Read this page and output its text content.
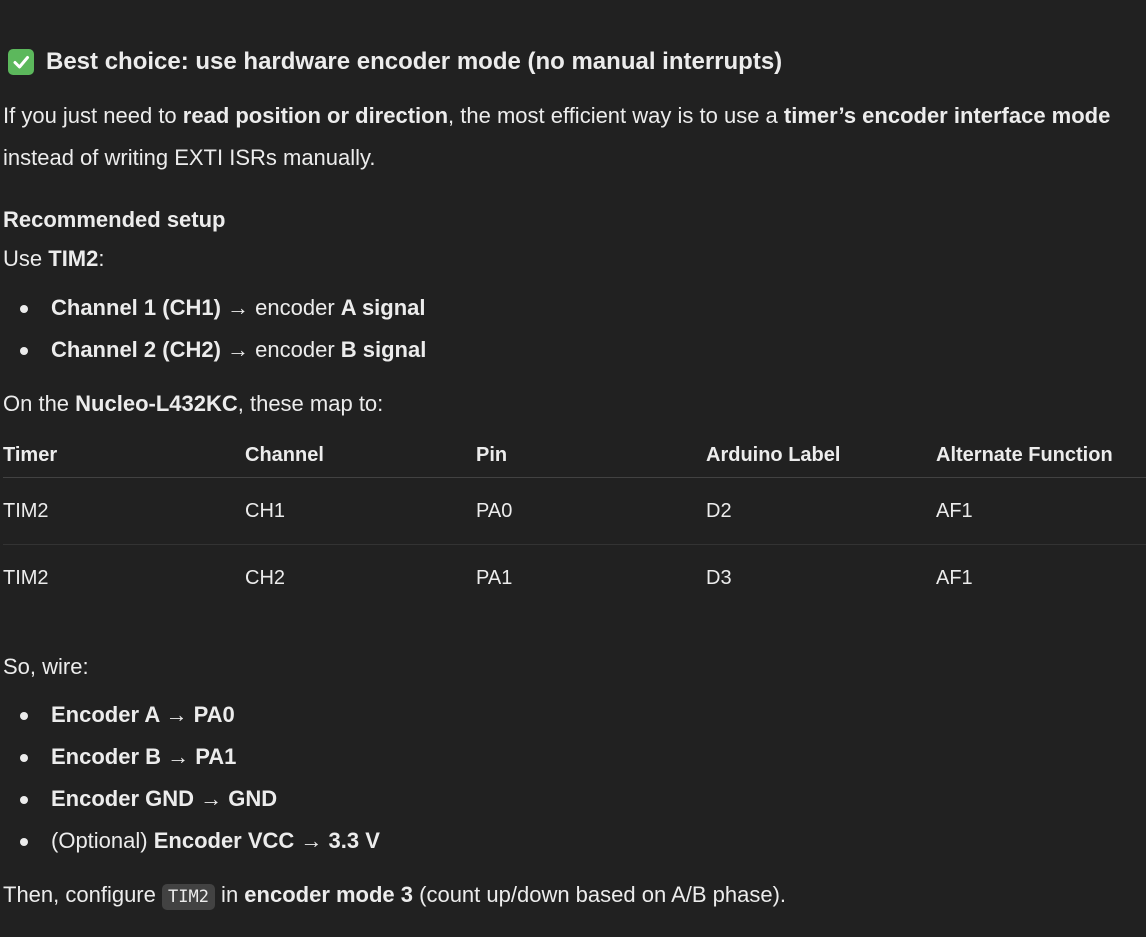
Best choice: use hardware encoder mode (no manual interrupts)
If you just need to read position or direction, the most efficient way is to use a timer’s encoder interface mode instead of writing EXTI ISRs manually.
Recommended setup
Use TIM2:
Channel 1 (CH1) → encoder A signal
Channel 2 (CH2) → encoder B signal
On the Nucleo-L432KC, these map to:
Timer	Channel	Pin	Arduino Label	Alternate Function
TIM2	CH1	PA0	D2	AF1
TIM2	CH2	PA1	D3	AF1
So, wire:
Encoder A → PA0
Encoder B → PA1
Encoder GND → GND
(Optional) Encoder VCC → 3.3 V
Then, configure TIM2 in encoder mode 3 (count up/down based on A/B phase).
